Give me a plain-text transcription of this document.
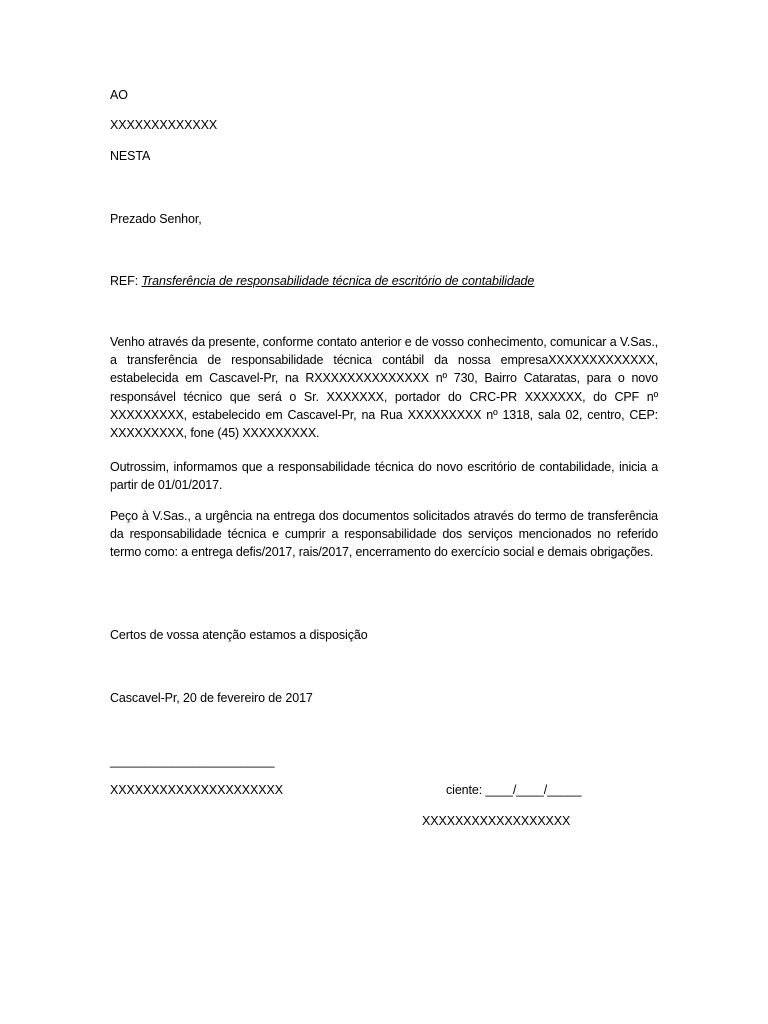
AO
XXXXXXXXXXXXX
NESTA
Prezado Senhor,
REF: Transferência de responsabilidade técnica de escritório de contabilidade
Venho através da presente, conforme contato anterior e de vosso conhecimento, comunicar a V.Sas., a transferência de responsabilidade técnica contábil da nossa empresaXXXXXXXXXXXXX, estabelecida em Cascavel-Pr, na RXXXXXXXXXXXXXX nº 730, Bairro Cataratas, para o novo responsável técnico que será o Sr. XXXXXXX, portador do CRC-PR XXXXXXX, do CPF nº XXXXXXXXX, estabelecido em Cascavel-Pr, na Rua XXXXXXXXX nº 1318, sala 02, centro, CEP: XXXXXXXXX, fone (45) XXXXXXXXX.
Outrossim, informamos que a responsabilidade técnica do novo escritório de contabilidade, inicia a partir de 01/01/2017.
Peço à V.Sas., a urgência na entrega dos documentos solicitados através do termo de transferência da responsabilidade técnica e cumprir a responsabilidade dos serviços mencionados no referido termo como: a entrega defis/2017, rais/2017, encerramento do exercício social e demais obrigações.
Certos de vossa atenção estamos a disposição
Cascavel-Pr, 20 de fevereiro de 2017
________________________
XXXXXXXXXXXXXXXXXXXXX	ciente: ____/____/_____
XXXXXXXXXXXXXXXXXX
